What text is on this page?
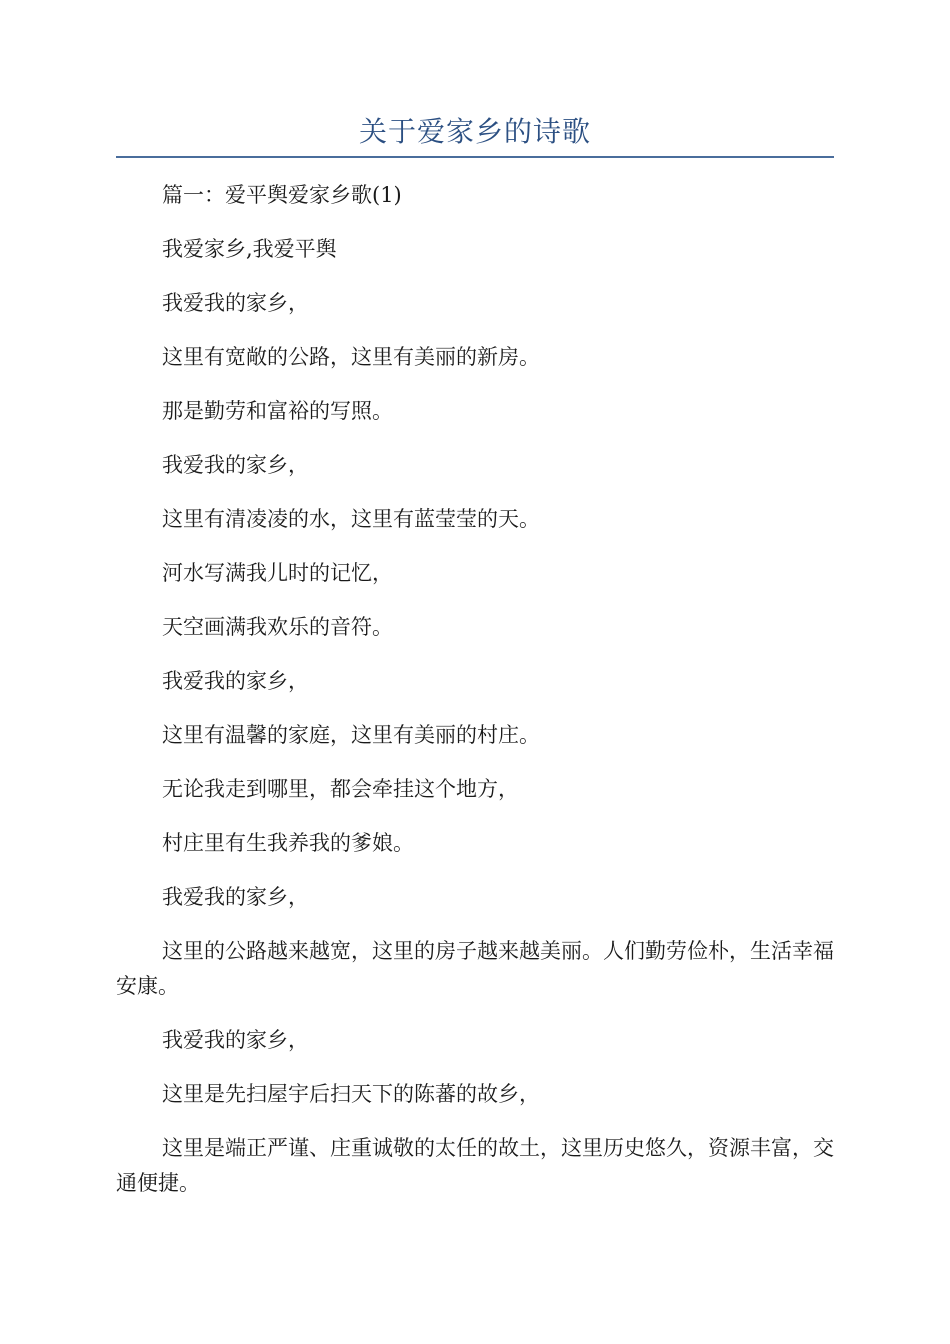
关于爱家乡的诗歌

篇一：爱平舆爱家乡歌(1)

我爱家乡,我爱平舆

我爱我的家乡，

这里有宽敞的公路，这里有美丽的新房。

那是勤劳和富裕的写照。

我爱我的家乡，

这里有清凌凌的水，这里有蓝莹莹的天。

河水写满我儿时的记忆，

天空画满我欢乐的音符。

我爱我的家乡，

这里有温馨的家庭，这里有美丽的村庄。

无论我走到哪里，都会牵挂这个地方，

村庄里有生我养我的爹娘。

我爱我的家乡，

这里的公路越来越宽，这里的房子越来越美丽。人们勤劳俭朴，生活幸福安康。

我爱我的家乡，

这里是先扫屋宇后扫天下的陈蕃的故乡，

这里是端正严谨、庄重诚敬的太任的故土，这里历史悠久，资源丰富，交通便捷。
